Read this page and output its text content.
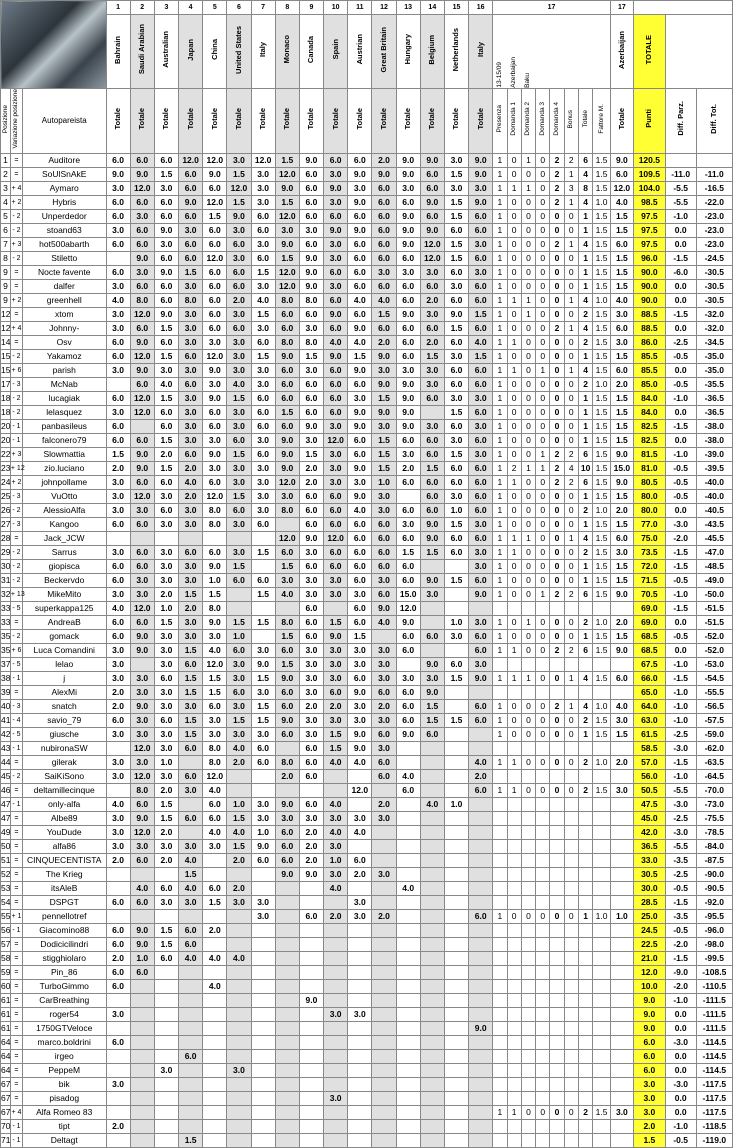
			1	2	3	4	5	6	7	8	9	10	11	12	13	14	15	16	17								17			
			Bahrain	Saudi Arabian	Australian	Japan	China	United States	Italy	Monaco	Canada	Spain	Austrian	Great Britain	Hungary	Belgium	Netherlands	Italy	13-15/09 Azerbaijan Baku								Azerbaijan	TOTALE		
Posizione	Variazione posizione	Autopareista	Totale	Totale	Totale	Totale	Totale	Totale	Totale	Totale	Totale	Totale	Totale	Totale	Totale	Totale	Totale	Totale	Presenza	Domanda 1	Domanda 2	Domanda 3	Domanda 4	Bonus	Totale	Fattore M.	Totale	Punti	Diff. Parz.	Diff. Tot.
1	=	Auditore	6.0	6.0	6.0	12.0	12.0	3.0	12.0	1.5	9.0	6.0	6.0	2.0	9.0	9.0	3.0	9.0	1	0	1	0	2	2	6	1.5	9.0	120.5		
2	=	SoUlSnAkE	9.0	9.0	1.5	6.0	9.0	1.5	3.0	12.0	6.0	3.0	9.0	9.0	9.0	6.0	1.5	9.0	1	0	0	0	2	1	4	1.5	6.0	109.5	-11.0	-11.0
3	+ 4	Aymaro	3.0	12.0	3.0	6.0	6.0	12.0	3.0	9.0	6.0	9.0	3.0	6.0	3.0	6.0	3.0	3.0	1	1	1	0	2	3	8	1.5	12.0	104.0	-5.5	-16.5
4	+ 2	Hybris	6.0	6.0	6.0	9.0	12.0	1.5	3.0	1.5	6.0	3.0	9.0	6.0	6.0	9.0	1.5	9.0	1	0	0	0	2	1	4	1.0	4.0	98.5	-5.5	-22.0
5	- 2	Unperdedor	6.0	3.0	6.0	6.0	1.5	9.0	6.0	12.0	6.0	6.0	6.0	6.0	9.0	6.0	1.5	6.0	1	0	0	0	0	0	1	1.5	1.5	97.5	-1.0	-23.0
6	- 2	stoand63	3.0	6.0	9.0	3.0	6.0	3.0	6.0	3.0	3.0	9.0	9.0	6.0	9.0	9.0	6.0	6.0	1	0	0	0	0	0	1	1.5	1.5	97.5	0.0	-23.0
7	+ 3	hot500abarth	6.0	6.0	3.0	6.0	6.0	6.0	3.0	9.0	6.0	3.0	6.0	6.0	9.0	12.0	1.5	3.0	1	0	0	0	2	1	4	1.5	6.0	97.5	0.0	-23.0
8	- 2	Stiletto		9.0	6.0	6.0	12.0	3.0	6.0	1.5	9.0	3.0	6.0	6.0	6.0	12.0	1.5	6.0	1	0	0	0	0	0	1	1.5	1.5	96.0	-1.5	-24.5
9	=	Nocte favente	6.0	3.0	9.0	1.5	6.0	6.0	1.5	12.0	9.0	6.0	6.0	3.0	3.0	3.0	6.0	3.0	1	0	0	0	0	0	1	1.5	1.5	90.0	-6.0	-30.5
9	=	dalfer	3.0	6.0	6.0	3.0	6.0	6.0	3.0	12.0	9.0	3.0	6.0	6.0	6.0	6.0	3.0	6.0	1	0	0	0	0	0	1	1.5	1.5	90.0	0.0	-30.5
9	+ 2	greenhell	4.0	8.0	6.0	8.0	6.0	2.0	4.0	8.0	8.0	6.0	4.0	4.0	6.0	2.0	6.0	6.0	1	1	1	0	0	1	4	1.0	4.0	90.0	0.0	-30.5
12	=	xtom	3.0	12.0	9.0	3.0	6.0	3.0	1.5	6.0	6.0	9.0	6.0	1.5	9.0	3.0	9.0	1.5	1	0	1	0	0	0	2	1.5	3.0	88.5	-1.5	-32.0
12	+ 4	Johnny-	3.0	6.0	1.5	3.0	6.0	6.0	3.0	6.0	3.0	6.0	9.0	6.0	6.0	6.0	1.5	6.0	1	0	0	0	2	1	4	1.5	6.0	88.5	0.0	-32.0
14	=	Osv	6.0	9.0	6.0	3.0	3.0	3.0	6.0	8.0	8.0	4.0	4.0	2.0	6.0	2.0	6.0	4.0	1	1	0	0	0	0	2	1.5	3.0	86.0	-2.5	-34.5
15	- 2	Yakamoz	6.0	12.0	1.5	6.0	12.0	3.0	1.5	9.0	1.5	9.0	1.5	9.0	6.0	1.5	3.0	1.5	1	0	0	0	0	0	1	1.5	1.5	85.5	-0.5	-35.0
15	+ 6	parish	3.0	9.0	3.0	3.0	9.0	3.0	3.0	6.0	3.0	6.0	9.0	3.0	3.0	3.0	6.0	6.0	1	1	0	1	0	1	4	1.5	6.0	85.5	0.0	-35.0
17	- 3	McNab		6.0	4.0	6.0	3.0	4.0	3.0	6.0	6.0	6.0	6.0	9.0	9.0	3.0	6.0	6.0	1	0	0	0	0	0	2	1.0	2.0	85.0	-0.5	-35.5
18	- 2	lucagiak	6.0	12.0	1.5	3.0	9.0	1.5	6.0	6.0	6.0	6.0	3.0	1.5	9.0	6.0	3.0	3.0	1	0	0	0	0	0	1	1.5	1.5	84.0	-1.0	-36.5
18	- 2	lelasquez	3.0	12.0	6.0	3.0	6.0	3.0	6.0	1.5	6.0	6.0	9.0	9.0	9.0		1.5	6.0	1	0	0	0	0	0	1	1.5	1.5	84.0	0.0	-36.5
20	- 1	panbasileus	6.0		6.0	3.0	6.0	3.0	6.0	6.0	9.0	3.0	9.0	3.0	9.0	3.0	6.0	3.0	1	0	0	0	0	0	1	1.5	1.5	82.5	-1.5	-38.0
20	- 1	falconero79	6.0	6.0	1.5	3.0	3.0	6.0	3.0	9.0	3.0	12.0	6.0	1.5	6.0	6.0	3.0	6.0	1	0	0	0	0	0	1	1.5	1.5	82.5	0.0	-38.0
22	+ 3	Slowmattia	1.5	9.0	2.0	6.0	9.0	1.5	6.0	9.0	1.5	3.0	6.0	1.5	3.0	6.0	1.5	3.0	1	0	0	1	2	2	6	1.5	9.0	81.5	-1.0	-39.0
23	+ 12	zio.luciano	2.0	9.0	1.5	2.0	3.0	3.0	3.0	9.0	2.0	3.0	9.0	1.5	2.0	1.5	6.0	6.0	1	2	1	1	2	4	10	1.5	15.0	81.0	-0.5	-39.5
24	+ 2	johnpollame	3.0	6.0	6.0	4.0	6.0	3.0	3.0	12.0	2.0	3.0	3.0	1.0	6.0	6.0	6.0	6.0	1	1	0	0	2	2	6	1.5	9.0	80.5	-0.5	-40.0
25	- 3	VuOtto	3.0	12.0	3.0	2.0	12.0	1.5	3.0	3.0	6.0	6.0	9.0	3.0		6.0	3.0	6.0	1	0	0	0	0	0	1	1.5	1.5	80.0	-0.5	-40.0
26	- 2	AlessioAlfa	3.0	3.0	6.0	3.0	8.0	6.0	3.0	8.0	6.0	6.0	4.0	3.0	6.0	6.0	1.0	6.0	1	0	0	0	0	0	2	1.0	2.0	80.0	0.0	-40.5
27	- 3	Kangoo	6.0	6.0	3.0	3.0	8.0	3.0	6.0		6.0	6.0	6.0	6.0	3.0	9.0	1.5	3.0	1	0	0	0	0	0	1	1.5	1.5	77.0	-3.0	-43.5
28	=	Jack_JCW								12.0	9.0	12.0	6.0	6.0	6.0	9.0	6.0	6.0	1	1	1	0	0	1	4	1.5	6.0	75.0	-2.0	-45.5
29	- 2	Sarrus	3.0	6.0	3.0	6.0	6.0	3.0	1.5	6.0	3.0	6.0	6.0	6.0	1.5	1.5	6.0	3.0	1	1	0	0	0	0	2	1.5	3.0	73.5	-1.5	-47.0
30	- 2	giopisca	6.0	6.0	3.0	3.0	9.0	1.5		1.5	6.0	6.0	6.0	6.0	6.0			3.0	1	0	0	0	0	0	1	1.5	1.5	72.0	-1.5	-48.5
31	- 2	Beckervdo	6.0	3.0	3.0	3.0	1.0	6.0	6.0	3.0	3.0	3.0	6.0	3.0	6.0	9.0	1.5	6.0	1	0	0	0	0	0	1	1.5	1.5	71.5	-0.5	-49.0
32	+ 13	MikeMito	3.0	3.0	2.0	1.5	1.5		1.5	4.0	3.0	3.0	3.0	6.0	15.0	3.0		9.0	1	0	0	1	2	2	6	1.5	9.0	70.5	-1.0	-50.0
33	- 5	superkappa125	4.0	12.0	1.0	2.0	8.0				6.0		6.0	9.0	12.0													69.0	-1.5	-51.5
33	=	AndreaB	6.0	6.0	1.5	3.0	9.0	1.5	1.5	8.0	6.0	1.5	6.0	4.0	9.0		1.0	3.0	1	0	1	0	0	0	2	1.0	2.0	69.0	0.0	-51.5
35	- 2	gomack	6.0	9.0	3.0	3.0	3.0	1.0		1.5	6.0	9.0	1.5		6.0	6.0	3.0	6.0	1	0	0	0	0	0	1	1.5	1.5	68.5	-0.5	-52.0
35	+ 6	Luca Comandini	3.0	9.0	3.0	1.5	4.0	6.0	3.0	6.0	3.0	3.0	3.0	3.0	6.0			6.0	1	1	0	0	2	2	6	1.5	9.0	68.5	0.0	-52.0
37	- 5	lelao	3.0		3.0	6.0	12.0	3.0	9.0	1.5	3.0	3.0	3.0	3.0		9.0	6.0	3.0										67.5	-1.0	-53.0
38	- 1	j	3.0	3.0	6.0	1.5	1.5	3.0	1.5	9.0	3.0	3.0	6.0	3.0	3.0	3.0	1.5	9.0	1	1	1	0	0	1	4	1.5	6.0	66.0	-1.5	-54.5
39	=	AlexMi	2.0	3.0	3.0	1.5	1.5	6.0	3.0	6.0	3.0	6.0	9.0	6.0	6.0	9.0												65.0	-1.0	-55.5
40	- 3	snatch	2.0	9.0	3.0	3.0	6.0	3.0	1.5	6.0	2.0	2.0	3.0	2.0	6.0	1.5		6.0	1	0	0	0	2	1	4	1.0	4.0	64.0	-1.0	-56.5
41	- 4	savio_79	6.0	3.0	6.0	1.5	3.0	1.5	1.5	9.0	3.0	3.0	3.0	3.0	6.0	1.5	1.5	6.0	1	0	0	0	0	0	2	1.5	3.0	63.0	-1.0	-57.5
42	- 5	giusche	3.0	3.0	3.0	1.5	3.0	3.0	3.0	6.0	3.0	1.5	9.0	6.0	9.0	6.0			1	0	0	0	0	0	1	1.5	1.5	61.5	-2.5	-59.0
43	- 1	nubironaSW		12.0	3.0	6.0	8.0	4.0	6.0		6.0	1.5	9.0	3.0														58.5	-3.0	-62.0
44	=	gilerak	3.0	3.0	1.0		8.0	2.0	6.0	8.0	6.0	4.0	4.0	6.0				4.0	1	1	0	0	0	0	2	1.0	2.0	57.0	-1.5	-63.5
45	- 2	SaiKiSono	3.0	12.0	3.0	6.0	12.0			2.0	6.0			6.0	4.0			2.0										56.0	-1.0	-64.5
46	=	deltamillecinque		8.0	2.0	3.0	4.0						12.0		6.0			6.0	1	1	0	0	0	0	2	1.5	3.0	50.5	-5.5	-70.0
47	- 1	only-alfa	4.0	6.0	1.5		6.0	1.0	3.0	9.0	6.0	4.0		2.0		4.0	1.0											47.5	-3.0	-73.0
47	=	Albe89	3.0	9.0	1.5	6.0	6.0	1.5	3.0	3.0	3.0	3.0	3.0	3.0														45.0	-2.5	-75.5
49	=	YouDude	3.0	12.0	2.0		4.0	4.0	1.0	6.0	2.0	4.0	4.0															42.0	-3.0	-78.5
50	=	alfa86	3.0	3.0	3.0	3.0	3.0	1.5	9.0	6.0	2.0	3.0																36.5	-5.5	-84.0
51	=	CINQUECENTISTA	2.0	6.0	2.0	4.0		2.0	6.0	6.0	2.0	1.0	6.0															33.0	-3.5	-87.5
52	=	The Krieg				1.5				9.0	9.0	3.0	2.0	3.0														30.5	-2.5	-90.0
53	=	itsAleB		4.0	6.0	4.0	6.0	2.0				4.0			4.0													30.0	-0.5	-90.5
54	=	DSPGT	6.0	6.0	3.0	3.0	1.5	3.0	3.0				3.0															28.5	-1.5	-92.0
55	+ 1	pennellotref							3.0		6.0	2.0	3.0	2.0				6.0	1	0	0	0	0	0	1	1.0	1.0	25.0	-3.5	-95.5
56	- 1	Giacomino88	6.0	9.0	1.5	6.0	2.0																					24.5	-0.5	-96.0
57	=	Dodicicilindri	6.0	9.0	1.5	6.0																						22.5	-2.0	-98.0
58	=	stigghiolaro	2.0	1.0	6.0	4.0	4.0	4.0																				21.0	-1.5	-99.5
59	=	Pin_86	6.0	6.0																								12.0	-9.0	-108.5
60	=	TurboGimmo	6.0				4.0																					10.0	-2.0	-110.5
61	=	CarBreathing									9.0																	9.0	-1.0	-111.5
61	=	roger54	3.0									3.0	3.0															9.0	0.0	-111.5
61	=	1750GTVeloce																9.0										9.0	0.0	-111.5
64	=	marco.boldrini	6.0																									6.0	-3.0	-114.5
64	=	irgeo				6.0																						6.0	0.0	-114.5
64	=	PeppeM			3.0			3.0																				6.0	0.0	-114.5
67	=	bik	3.0																									3.0	-3.0	-117.5
67	=	pisadog										3.0																3.0	0.0	-117.5
67	+ 4	Alfa Romeo 83																	1	1	0	0	0	0	2	1.5	3.0	3.0	0.0	-117.5
70	- 1	tipt	2.0																									2.0	-1.0	-118.5
71	- 1	Deltagt				1.5																						1.5	-0.5	-119.0
